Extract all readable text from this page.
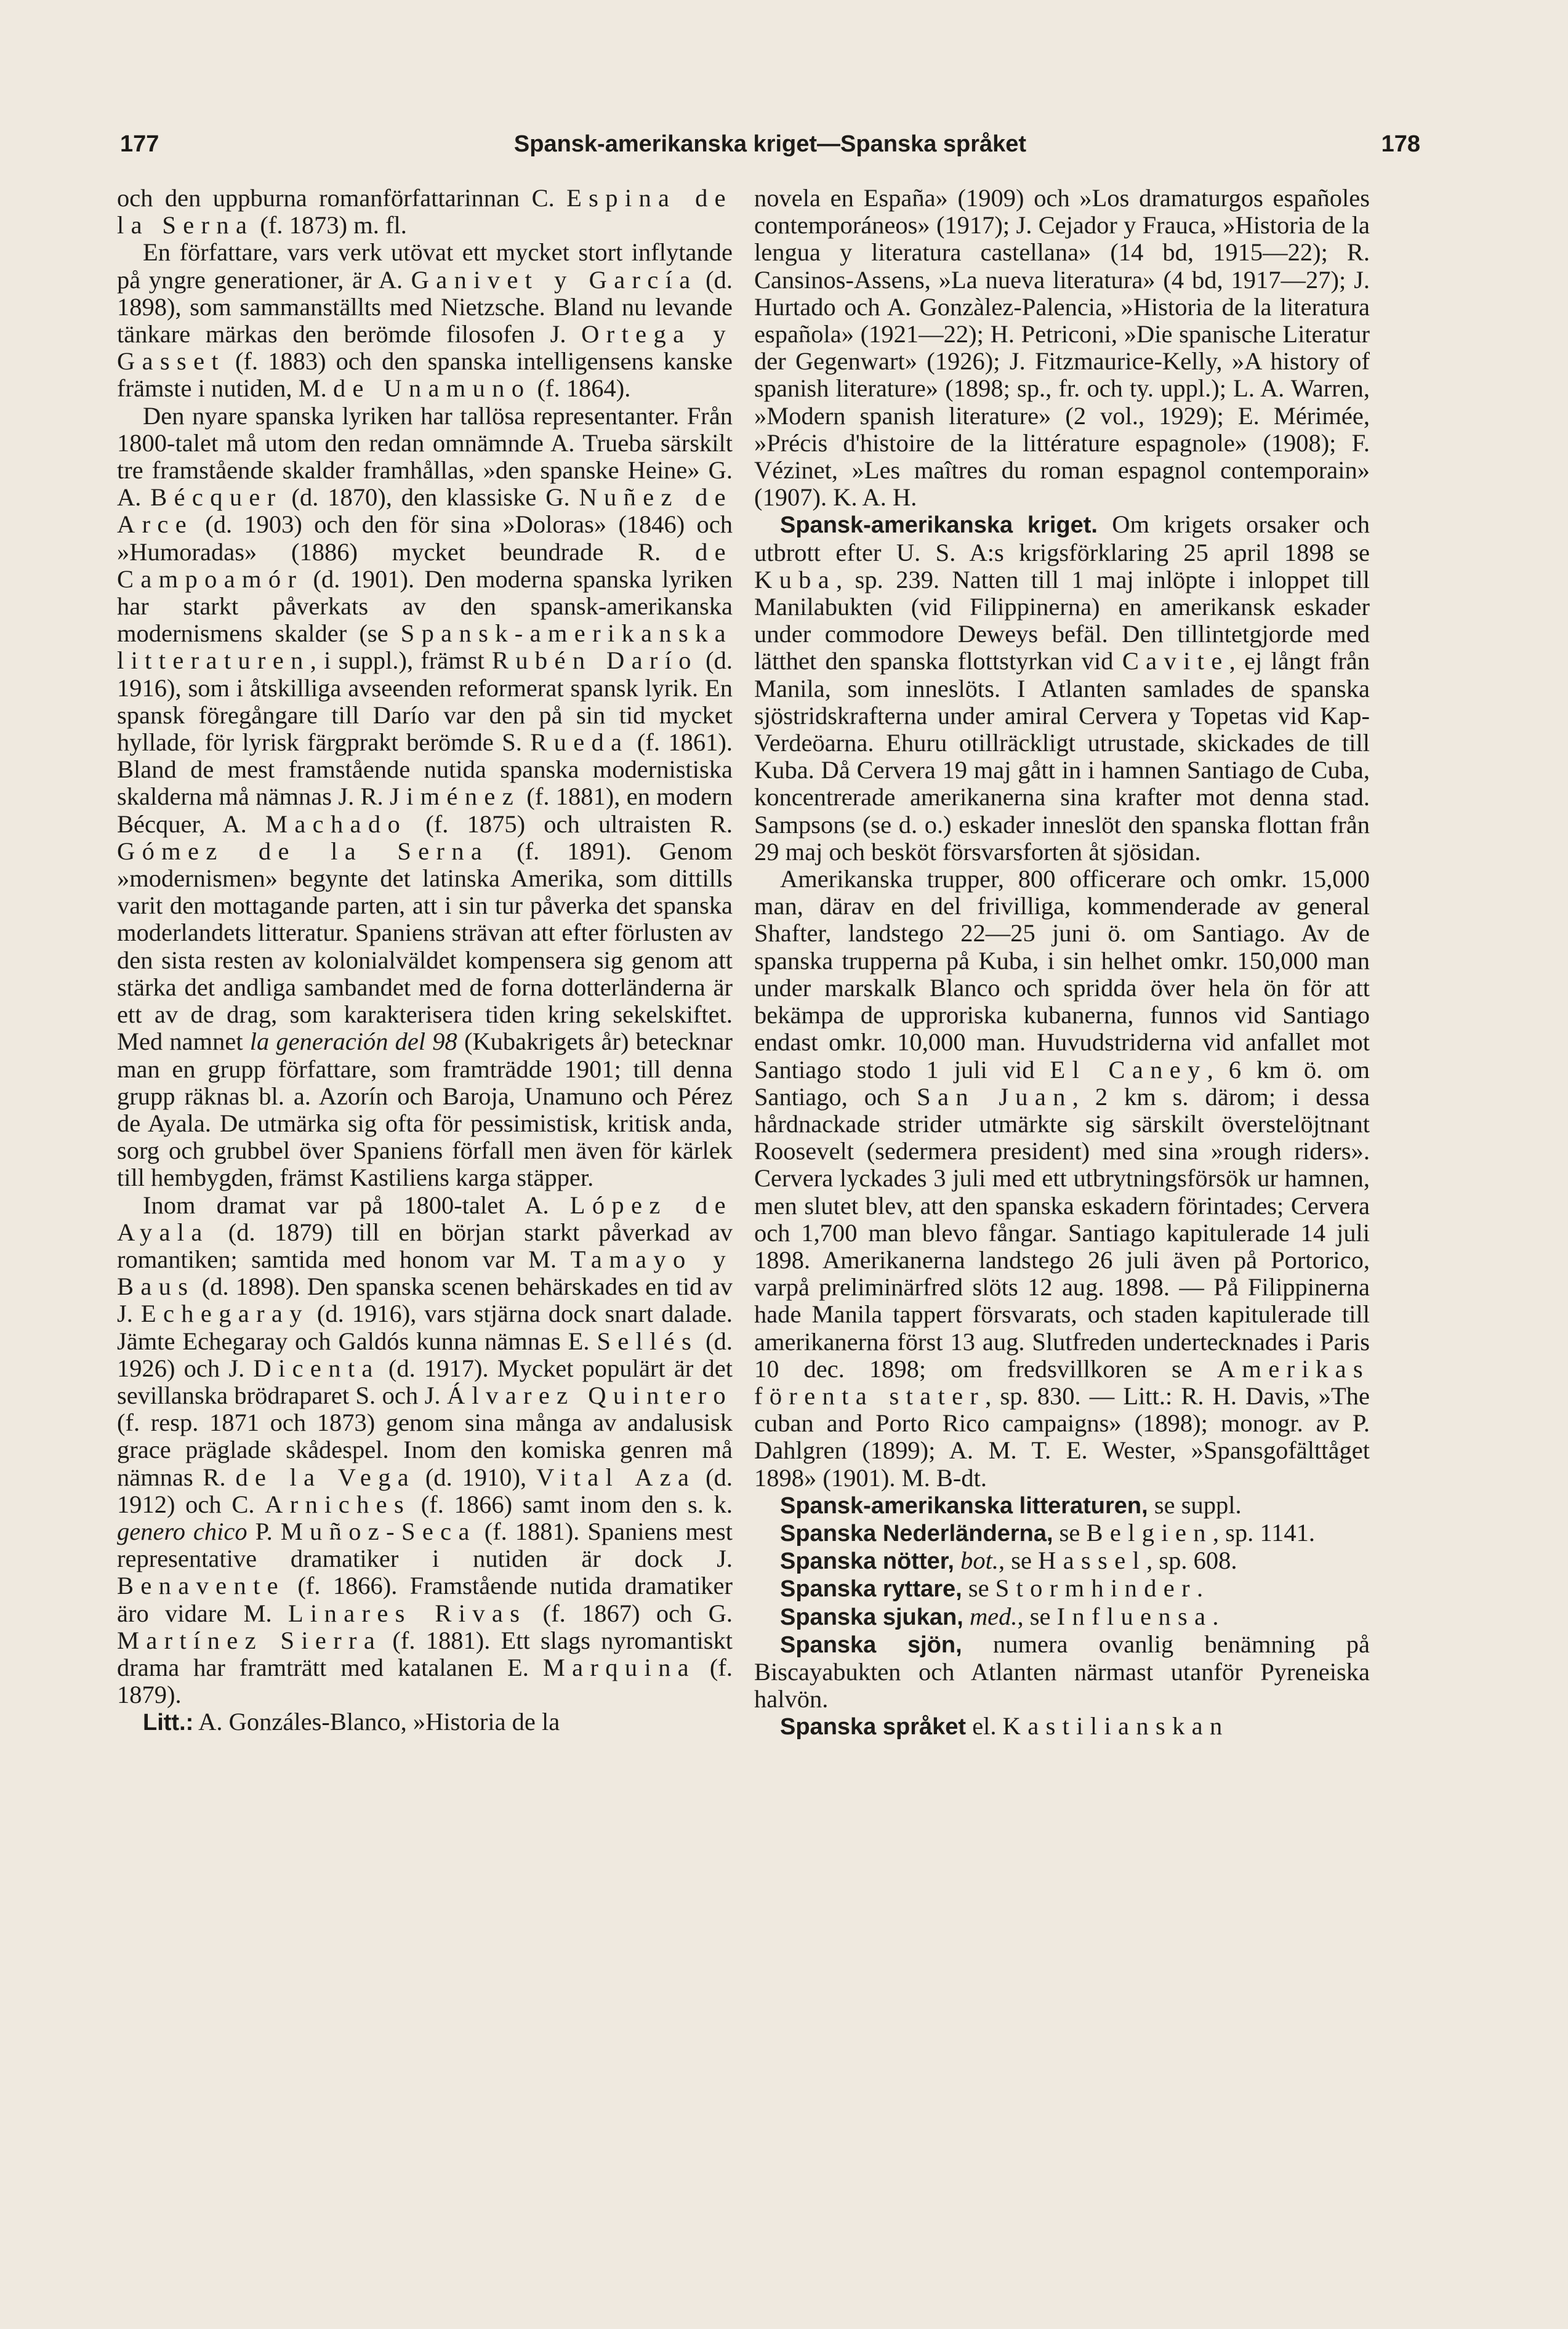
177	Spansk-amerikanska kriget—Spanska språket	178

och den uppburna romanförfattarinnan C. Espina de la Serna (f. 1873) m. fl.

En författare, vars verk utövat ett mycket stort inflytande på yngre generationer, är A. Ganivet y García (d. 1898), som sammanställts med Nietzsche. Bland nu levande tänkare märkas den berömde filosofen J. Ortega y Gasset (f. 1883) och den spanska intelligensens kanske främste i nutiden, M. de Unamuno (f. 1864).

Den nyare spanska lyriken har tallösa representanter. Från 1800-talet må utom den redan omnämnde A. Trueba särskilt tre framstående skalder framhållas, »den spanske Heine» G. A. Bécquer (d. 1870), den klassiske G. Nuñez de Arce (d. 1903) och den för sina »Doloras» (1846) och »Humoradas» (1886) mycket beundrade R. de Campoamór (d. 1901). Den moderna spanska lyriken har starkt påverkats av den spansk-amerikanska modernismens skalder (se Spansk-amerikanska litteraturen, i suppl.), främst Rubén Darío (d. 1916), som i åtskilliga avseenden reformerat spansk lyrik. En spansk föregångare till Darío var den på sin tid mycket hyllade, för lyrisk färgprakt berömde S. Rueda (f. 1861). Bland de mest framstående nutida spanska modernistiska skalderna må nämnas J. R. Jiménez (f. 1881), en modern Bécquer, A. Machado (f. 1875) och ultraisten R. Gómez de la Serna (f. 1891). Genom »modernismen» begynte det latinska Amerika, som dittills varit den mottagande parten, att i sin tur påverka det spanska moderlandets litteratur. Spaniens strävan att efter förlusten av den sista resten av kolonialväldet kompensera sig genom att stärka det andliga sambandet med de forna dotterländerna är ett av de drag, som karakterisera tiden kring sekelskiftet. Med namnet la generación del 98 (Kubakrigets år) betecknar man en grupp författare, som framträdde 1901; till denna grupp räknas bl. a. Azorín och Baroja, Unamuno och Pérez de Ayala. De utmärka sig ofta för pessimistisk, kritisk anda, sorg och grubbel över Spaniens förfall men även för kärlek till hembygden, främst Kastiliens karga stäpper.

Inom dramat var på 1800-talet A. López de Ayala (d. 1879) till en början starkt påverkad av romantiken; samtida med honom var M. Tamayo y Baus (d. 1898). Den spanska scenen behärskades en tid av J. Echegaray (d. 1916), vars stjärna dock snart dalade. Jämte Echegaray och Galdós kunna nämnas E. Sellés (d. 1926) och J. Dicenta (d. 1917). Mycket populärt är det sevillanska brödraparet S. och J. Álvarez Quintero (f. resp. 1871 och 1873) genom sina många av andalusisk grace präglade skådespel. Inom den komiska genren må nämnas R. de la Vega (d. 1910), Vital Aza (d. 1912) och C. Arniches (f. 1866) samt inom den s. k. genero chico P. Muñoz-Seca (f. 1881). Spaniens mest representative dramatiker i nutiden är dock J. Benavente (f. 1866). Framstående nutida dramatiker äro vidare M. Linares Rivas (f. 1867) och G. Martínez Sierra (f. 1881). Ett slags nyromantiskt drama har framträtt med katalanen E. Marquina (f. 1879).

Litt.: A. Gonzáles-Blanco, »Historia de la

novela en España» (1909) och »Los dramaturgos españoles contemporáneos» (1917); J. Cejador y Frauca, »Historia de la lengua y literatura castellana» (14 bd, 1915—22); R. Cansinos-Assens, »La nueva literatura» (4 bd, 1917—27); J. Hurtado och A. Gonzàlez-Palencia, »Historia de la literatura española» (1921—22); H. Petriconi, »Die spanische Literatur der Gegenwart» (1926); J. Fitzmaurice-Kelly, »A history of spanish literature» (1898; sp., fr. och ty. uppl.); L. A. Warren, »Modern spanish literature» (2 vol., 1929); E. Mérimée, »Précis d'histoire de la littérature espagnole» (1908); F. Vézinet, »Les maîtres du roman espagnol contemporain» (1907). K. A. H.

Spansk-amerikanska kriget. Om krigets orsaker och utbrott efter U. S. A:s krigsförklaring 25 april 1898 se Kuba, sp. 239. Natten till 1 maj inlöpte i inloppet till Manilabukten (vid Filippinerna) en amerikansk eskader under commodore Deweys befäl. Den tillintetgjorde med lätthet den spanska flottstyrkan vid Cavite, ej långt från Manila, som inneslöts. I Atlanten samlades de spanska sjöstridskrafterna under amiral Cervera y Topetas vid Kap-Verdeöarna. Ehuru otillräckligt utrustade, skickades de till Kuba. Då Cervera 19 maj gått in i hamnen Santiago de Cuba, koncentrerade amerikanerna sina krafter mot denna stad. Sampsons (se d. o.) eskader inneslöt den spanska flottan från 29 maj och besköt försvarsforten åt sjösidan.

Amerikanska trupper, 800 officerare och omkr. 15,000 man, därav en del frivilliga, kommenderade av general Shafter, landstego 22—25 juni ö. om Santiago. Av de spanska trupperna på Kuba, i sin helhet omkr. 150,000 man under marskalk Blanco och spridda över hela ön för att bekämpa de upproriska kubanerna, funnos vid Santiago endast omkr. 10,000 man. Huvudstriderna vid anfallet mot Santiago stodo 1 juli vid El Caney, 6 km ö. om Santiago, och San Juan, 2 km s. därom; i dessa hårdnackade strider utmärkte sig särskilt överstelöjtnant Roosevelt (sedermera president) med sina »rough riders». Cervera lyckades 3 juli med ett utbrytningsförsök ur hamnen, men slutet blev, att den spanska eskadern förintades; Cervera och 1,700 man blevo fångar. Santiago kapitulerade 14 juli 1898. Amerikanerna landstego 26 juli även på Portorico, varpå preliminärfred slöts 12 aug. 1898. — På Filippinerna hade Manila tappert försvarats, och staden kapitulerade till amerikanerna först 13 aug. Slutfreden undertecknades i Paris 10 dec. 1898; om fredsvillkoren se Amerikas förenta stater, sp. 830. — Litt.: R. H. Davis, »The cuban and Porto Rico campaigns» (1898); monogr. av P. Dahlgren (1899); A. M. T. E. Wester, »Spansgofälttåget 1898» (1901). M. B-dt.

Spansk-amerikanska litteraturen, se suppl.

Spanska Nederländerna, se Belgien, sp. 1141.

Spanska nötter, bot., se Hassel, sp. 608.

Spanska ryttare, se Stormhinder.

Spanska sjukan, med., se Influensa.

Spanska sjön, numera ovanlig benämning på Biscayabukten och Atlanten närmast utanför Pyreneiska halvön.

Spanska språket el. Kastilianskan
